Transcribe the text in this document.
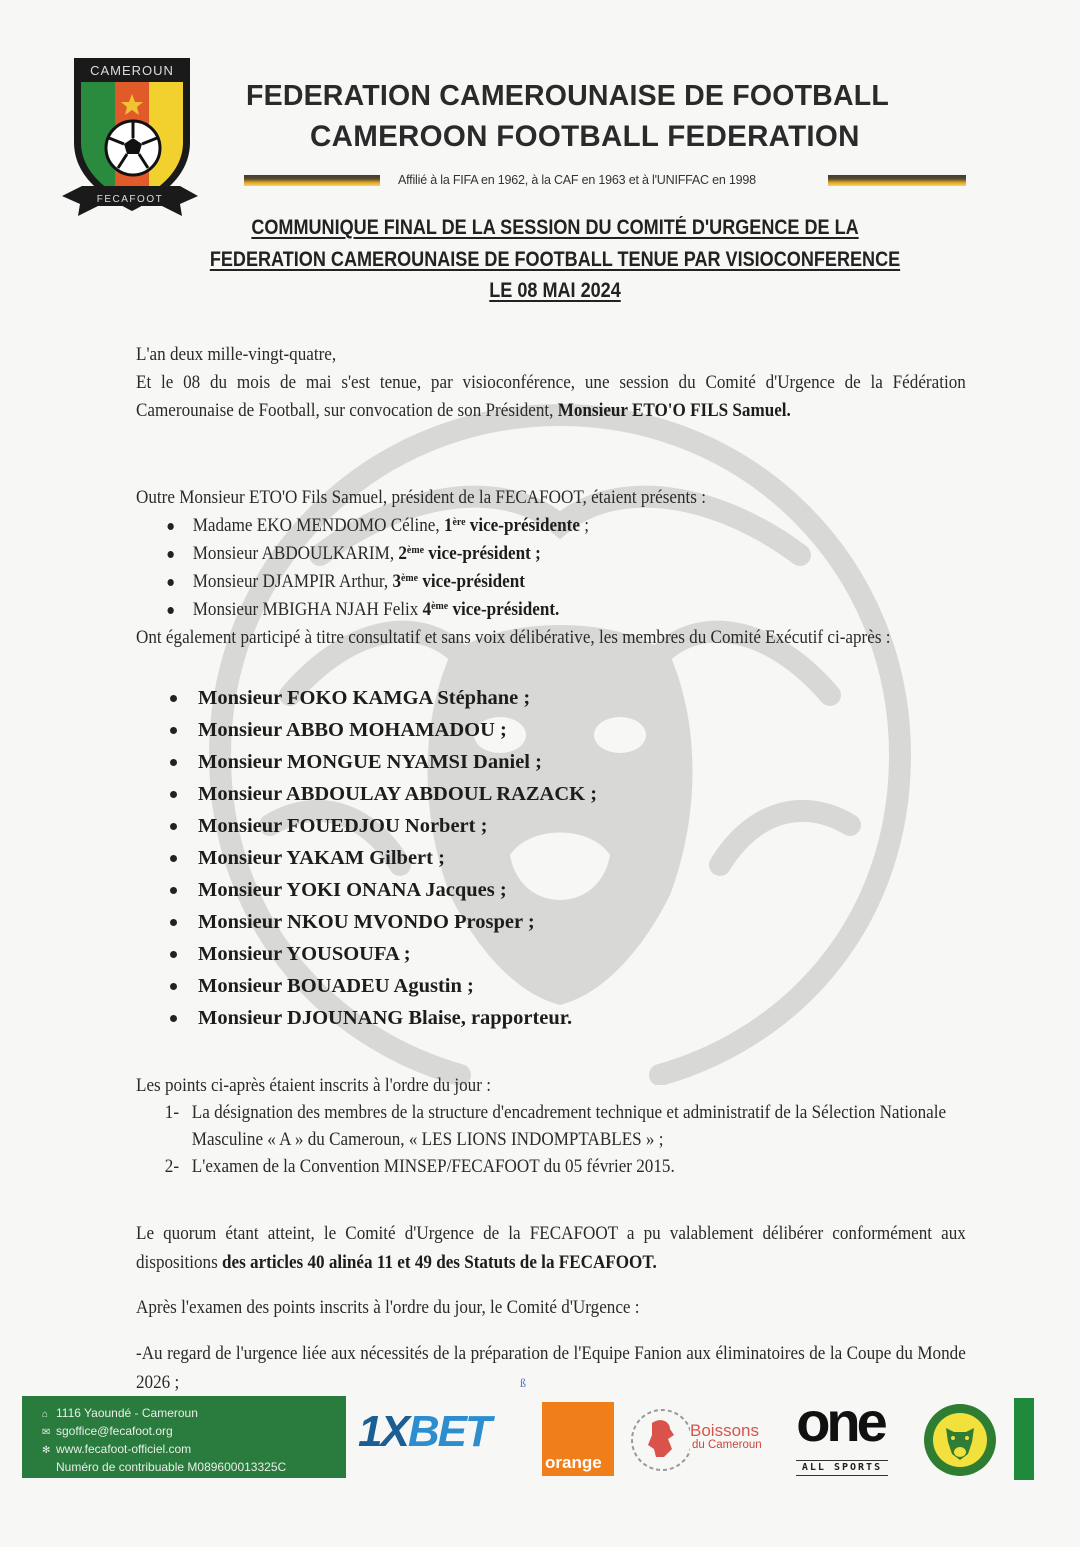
CAMEROUN
FECAFOOT
FEDERATION CAMEROUNAISE DE FOOTBALL
CAMEROON FOOTBALL FEDERATION
Affilié à la FIFA en 1962, à la CAF en 1963 et à l'UNIFFAC en 1998
COMMUNIQUE FINAL DE LA SESSION DU COMITÉ D'URGENCE DE LA
FEDERATION CAMEROUNAISE DE FOOTBALL TENUE PAR VISIOCONFERENCE
LE 08 MAI 2024
L'an deux mille-vingt-quatre,
Et le 08 du mois de mai s'est tenue, par visioconférence, une session du Comité d'Urgence de la Fédération Camerounaise de Football, sur convocation de son Président, Monsieur ETO'O FILS Samuel.
Outre Monsieur ETO'O Fils Samuel, président de la FECAFOOT, étaient présents :
Madame EKO MENDOMO Céline, 1ère vice-présidente ;
Monsieur ABDOULKARIM, 2ème vice-président ;
Monsieur DJAMPIR Arthur, 3ème vice-président
Monsieur MBIGHA NJAH Felix 4ème vice-président.
Ont également participé à titre consultatif et sans voix délibérative, les membres du Comité Exécutif ci-après :
Monsieur FOKO KAMGA Stéphane ;
Monsieur ABBO MOHAMADOU ;
Monsieur MONGUE NYAMSI Daniel ;
Monsieur ABDOULAY ABDOUL RAZACK ;
Monsieur FOUEDJOU Norbert ;
Monsieur YAKAM Gilbert ;
Monsieur YOKI ONANA Jacques ;
Monsieur NKOU MVONDO Prosper ;
Monsieur YOUSOUFA ;
Monsieur BOUADEU Agustin ;
Monsieur DJOUNANG Blaise, rapporteur.
Les points ci-après étaient inscrits à l'ordre du jour :
1- La désignation des membres de la structure d'encadrement technique et administratif de la Sélection Nationale Masculine « A » du Cameroun, « LES LIONS INDOMPTABLES » ;
2- L'examen de la Convention MINSEP/FECAFOOT du 05 février 2015.
Le quorum étant atteint, le Comité d'Urgence de la FECAFOOT a pu valablement délibérer conformément aux dispositions des articles 40 alinéa 11 et 49 des Statuts de la FECAFOOT.
Après l'examen des points inscrits à l'ordre du jour, le Comité d'Urgence :
-Au regard de l'urgence liée aux nécessités de la préparation de l'Equipe Fanion aux éliminatoires de la Coupe du Monde 2026 ;	ß
⌂ 1116 Yaoundé - Cameroun
✉ sgoffice@fecafoot.org
✻ www.fecafoot-officiel.com
Numéro de contribuable M089600013325C
1XBET
orange
Boissons
du Cameroun one
ALL SPORTS
